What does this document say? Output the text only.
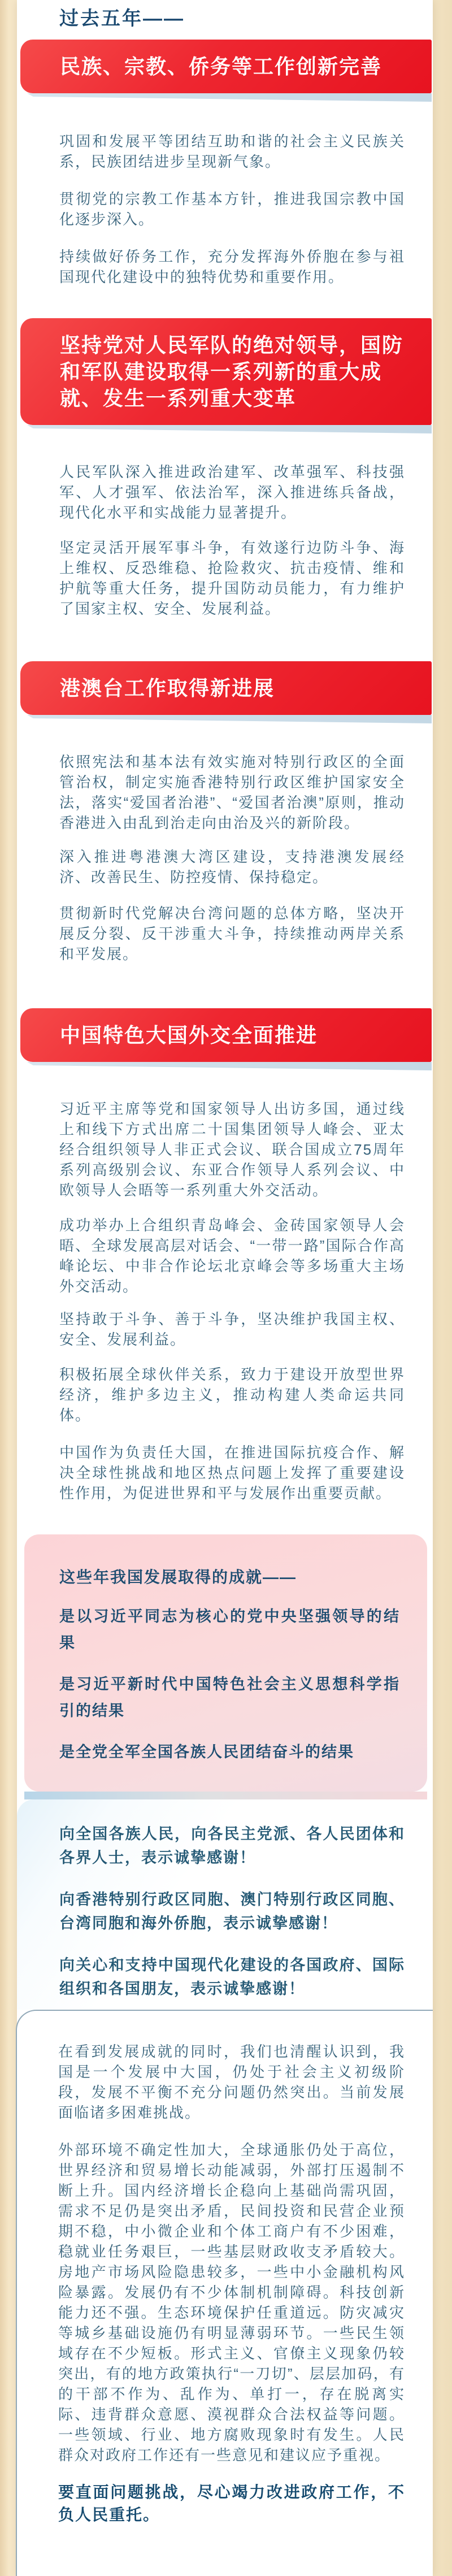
过去五年——
民族、宗教、侨务等工作创新完善

巩固和发展平等团结互助和谐的社会主义民族关系，民族团结进步呈现新气象。

贯彻党的宗教工作基本方针，推进我国宗教中国化逐步深入。

持续做好侨务工作，充分发挥海外侨胞在参与祖国现代化建设中的独特优势和重要作用。

坚持党对人民军队的绝对领导，国防和军队建设取得一系列新的重大成就、发生一系列重大变革

人民军队深入推进政治建军、改革强军、科技强军、人才强军、依法治军，深入推进练兵备战，现代化水平和实战能力显著提升。

坚定灵活开展军事斗争，有效遂行边防斗争、海上维权、反恐维稳、抢险救灾、抗击疫情、维和护航等重大任务，提升国防动员能力，有力维护了国家主权、安全、发展利益。

港澳台工作取得新进展

依照宪法和基本法有效实施对特别行政区的全面管治权，制定实施香港特别行政区维护国家安全法，落实“爱国者治港”、“爱国者治澳”原则，推动香港进入由乱到治走向由治及兴的新阶段。

深入推进粤港澳大湾区建设，支持港澳发展经济、改善民生、防控疫情、保持稳定。

贯彻新时代党解决台湾问题的总体方略，坚决开展反分裂、反干涉重大斗争，持续推动两岸关系和平发展。

中国特色大国外交全面推进

习近平主席等党和国家领导人出访多国，通过线上和线下方式出席二十国集团领导人峰会、亚太经合组织领导人非正式会议、联合国成立75周年系列高级别会议、东亚合作领导人系列会议、中欧领导人会晤等一系列重大外交活动。

成功举办上合组织青岛峰会、金砖国家领导人会晤、全球发展高层对话会、“一带一路”国际合作高峰论坛、中非合作论坛北京峰会等多场重大主场外交活动。

坚持敢于斗争、善于斗争，坚决维护我国主权、安全、发展利益。

积极拓展全球伙伴关系，致力于建设开放型世界经济，维护多边主义，推动构建人类命运共同体。

中国作为负责任大国，在推进国际抗疫合作、解决全球性挑战和地区热点问题上发挥了重要建设性作用，为促进世界和平与发展作出重要贡献。

这些年我国发展取得的成就——

是以习近平同志为核心的党中央坚强领导的结果

是习近平新时代中国特色社会主义思想科学指引的结果

是全党全军全国各族人民团结奋斗的结果

向全国各族人民，向各民主党派、各人民团体和各界人士，表示诚挚感谢！

向香港特别行政区同胞、澳门特别行政区同胞、台湾同胞和海外侨胞，表示诚挚感谢！

向关心和支持中国现代化建设的各国政府、国际组织和各国朋友，表示诚挚感谢！

在看到发展成就的同时，我们也清醒认识到，我国是一个发展中大国，仍处于社会主义初级阶段，发展不平衡不充分问题仍然突出。当前发展面临诸多困难挑战。

外部环境不确定性加大，全球通胀仍处于高位，世界经济和贸易增长动能减弱，外部打压遏制不断上升。国内经济增长企稳向上基础尚需巩固，需求不足仍是突出矛盾，民间投资和民营企业预期不稳，中小微企业和个体工商户有不少困难，稳就业任务艰巨，一些基层财政收支矛盾较大。房地产市场风险隐患较多，一些中小金融机构风险暴露。发展仍有不少体制机制障碍。科技创新能力还不强。生态环境保护任重道远。防灾减灾等城乡基础设施仍有明显薄弱环节。一些民生领域存在不少短板。形式主义、官僚主义现象仍较突出，有的地方政策执行“一刀切”、层层加码，有的干部不作为、乱作为、单打一，存在脱离实际、违背群众意愿、漠视群众合法权益等问题。一些领域、行业、地方腐败现象时有发生。人民群众对政府工作还有一些意见和建议应予重视。

要直面问题挑战，尽心竭力改进政府工作，不负人民重托。
